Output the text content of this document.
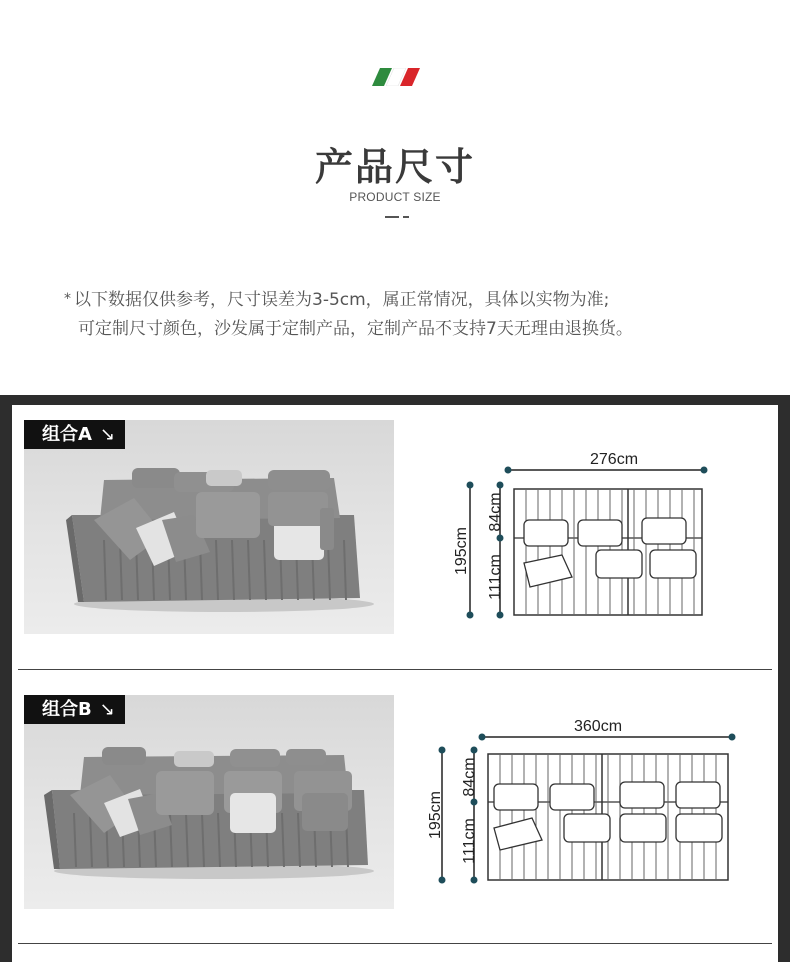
产品尺寸
PRODUCT SIZE
* 以下数据仅供参考，尺寸误差为3-5cm，属正常情况，具体以实物为准;
可定制尺寸颜色，沙发属于定制产品，定制产品不支持7天无理由退换货。
组合A ↘
276cm
195cm
84cm
111cm
组合B ↘
360cm
195cm
84cm
111cm
